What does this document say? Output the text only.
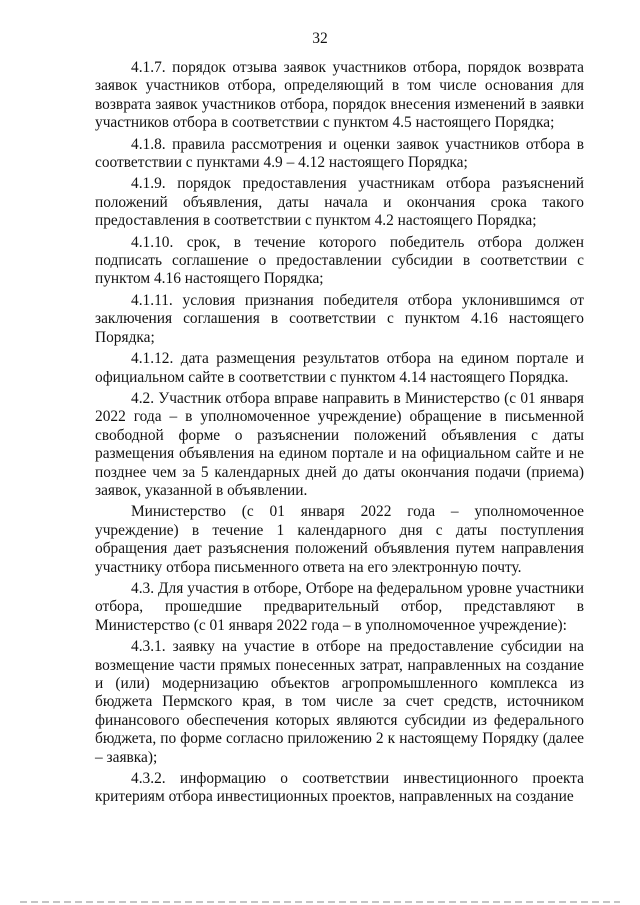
32

4.1.7. порядок отзыва заявок участников отбора, порядок возврата заявок участников отбора, определяющий в том числе основания для возврата заявок участников отбора, порядок внесения изменений в заявки участников отбора в соответствии с пунктом 4.5 настоящего Порядка;

4.1.8. правила рассмотрения и оценки заявок участников отбора в соответствии с пунктами 4.9 – 4.12 настоящего Порядка;

4.1.9. порядок предоставления участникам отбора разъяснений положений объявления, даты начала и окончания срока такого предоставления в соответствии с пунктом 4.2 настоящего Порядка;

4.1.10. срок, в течение которого победитель отбора должен подписать соглашение о предоставлении субсидии в соответствии с пунктом 4.16 настоящего Порядка;

4.1.11. условия признания победителя отбора уклонившимся от заключения соглашения в соответствии с пунктом 4.16 настоящего Порядка;

4.1.12. дата размещения результатов отбора на едином портале и официальном сайте в соответствии с пунктом 4.14 настоящего Порядка.

4.2. Участник отбора вправе направить в Министерство (с 01 января 2022 года – в уполномоченное учреждение) обращение в письменной свободной форме о разъяснении положений объявления с даты размещения объявления на едином портале и на официальном сайте и не позднее чем за 5 календарных дней до даты окончания подачи (приема) заявок, указанной в объявлении.

Министерство (с 01 января 2022 года – уполномоченное учреждение) в течение 1 календарного дня с даты поступления обращения дает разъяснения положений объявления путем направления участнику отбора письменного ответа на его электронную почту.

4.3. Для участия в отборе, Отборе на федеральном уровне участники отбора, прошедшие предварительный отбор, представляют в Министерство (с 01 января 2022 года – в уполномоченное учреждение):

4.3.1. заявку на участие в отборе на предоставление субсидии на возмещение части прямых понесенных затрат, направленных на создание и (или) модернизацию объектов агропромышленного комплекса из бюджета Пермского края, в том числе за счет средств, источником финансового обеспечения которых являются субсидии из федерального бюджета, по форме согласно приложению 2 к настоящему Порядку (далее – заявка);

4.3.2. информацию о соответствии инвестиционного проекта критериям отбора инвестиционных проектов, направленных на создание
